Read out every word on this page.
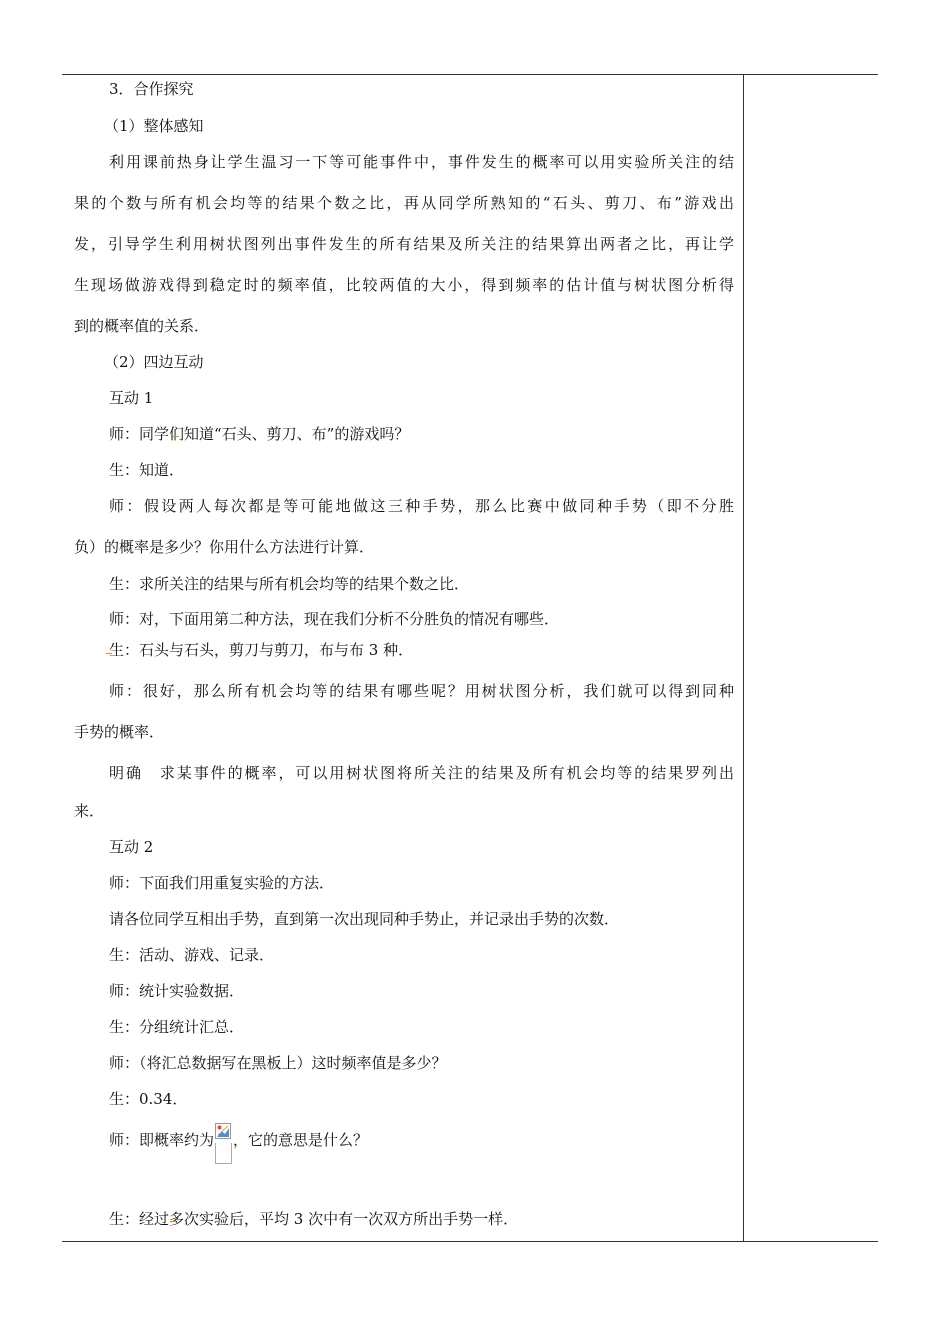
3．合作探究
（1）整体感知
利用课前热身让学生温习一下等可能事件中，事件发生的概率可以用实验所关注的结
果的个数与所有机会均等的结果个数之比，再从同学所熟知的“石头、剪刀、布”游戏出
发，引导学生利用树状图列出事件发生的所有结果及所关注的结果算出两者之比，再让学
生现场做游戏得到稳定时的频率值，比较两值的大小，得到频率的估计值与树状图分析得
到的概率值的关系．
（2）四边互动
互动 1
师：同学们知道“石头、剪刀、布”的游戏吗？
生：知道．
师：假设两人每次都是等可能地做这三种手势，那么比赛中做同种手势（即不分胜
负）的概率是多少？你用什么方法进行计算．
生：求所关注的结果与所有机会均等的结果个数之比．
师：对，下面用第二种方法，现在我们分析不分胜负的情况有哪些．
生：石头与石头，剪刀与剪刀，布与布 3 种．
师：很好，那么所有机会均等的结果有哪些呢？用树状图分析，我们就可以得到同种
手势的概率．
明确　求某事件的概率，可以用树状图将所关注的结果及所有机会均等的结果罗列出
来．
互动 2
师：下面我们用重复实验的方法．
请各位同学互相出手势，直到第一次出现同种手势止，并记录出手势的次数．
生：活动、游戏、记录．
师：统计实验数据．
生：分组统计汇总．
师：（将汇总数据写在黑板上）这时频率值是多少？
生：0.34．
师：即概率约为 ，它的意思是什么？
生：经过多次实验后，平均 3 次中有一次双方所出手势一样．
